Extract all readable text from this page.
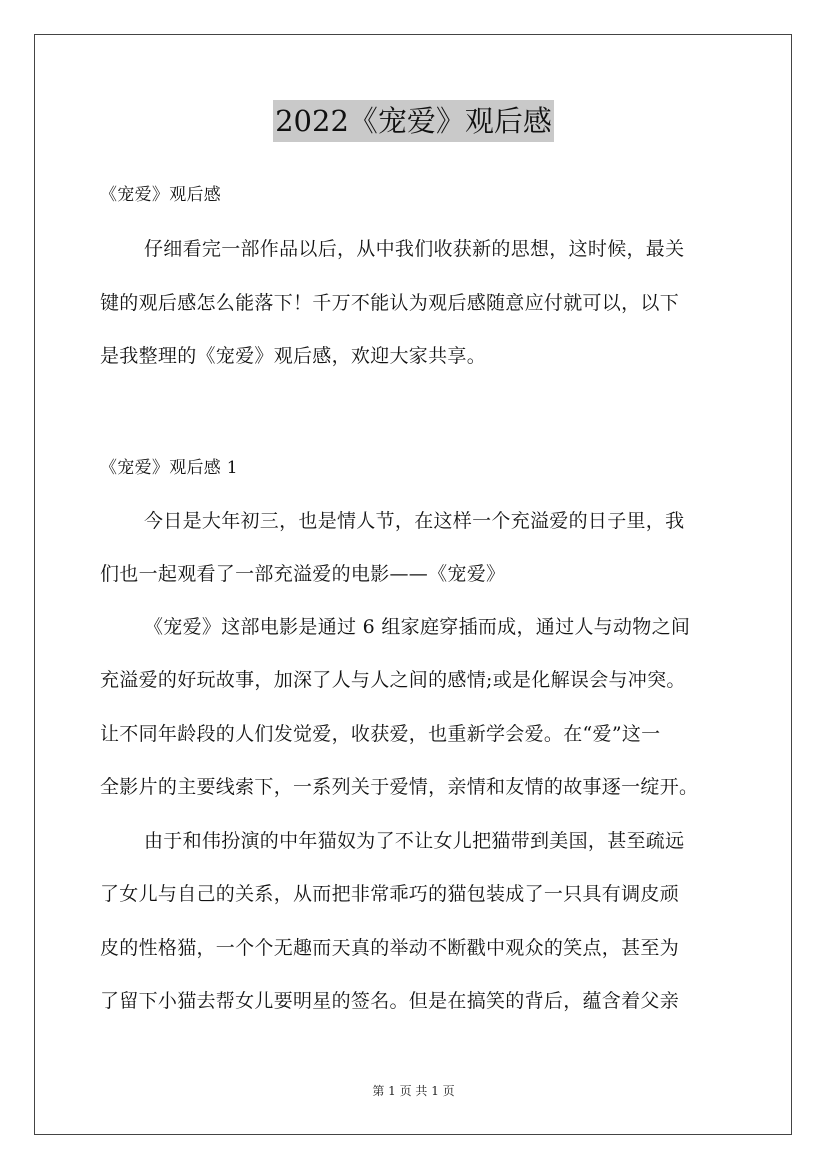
2022《宠爱》观后感
《宠爱》观后感
仔细看完一部作品以后，从中我们收获新的思想，这时候，最关
键的观后感怎么能落下！千万不能认为观后感随意应付就可以，以下
是我整理的《宠爱》观后感，欢迎大家共享。
《宠爱》观后感 1
今日是大年初三，也是情人节，在这样一个充溢爱的日子里，我
们也一起观看了一部充溢爱的电影——《宠爱》
《宠爱》这部电影是通过 6 组家庭穿插而成，通过人与动物之间
充溢爱的好玩故事，加深了人与人之间的感情;或是化解误会与冲突。
让不同年龄段的人们发觉爱，收获爱，也重新学会爱。在“爱”这一
全影片的主要线索下，一系列关于爱情，亲情和友情的故事逐一绽开。
由于和伟扮演的中年猫奴为了不让女儿把猫带到美国，甚至疏远
了女儿与自己的关系，从而把非常乖巧的猫包装成了一只具有调皮顽
皮的性格猫，一个个无趣而天真的举动不断戳中观众的笑点，甚至为
了留下小猫去帮女儿要明星的签名。但是在搞笑的背后，蕴含着父亲
第 1 页 共 1 页
